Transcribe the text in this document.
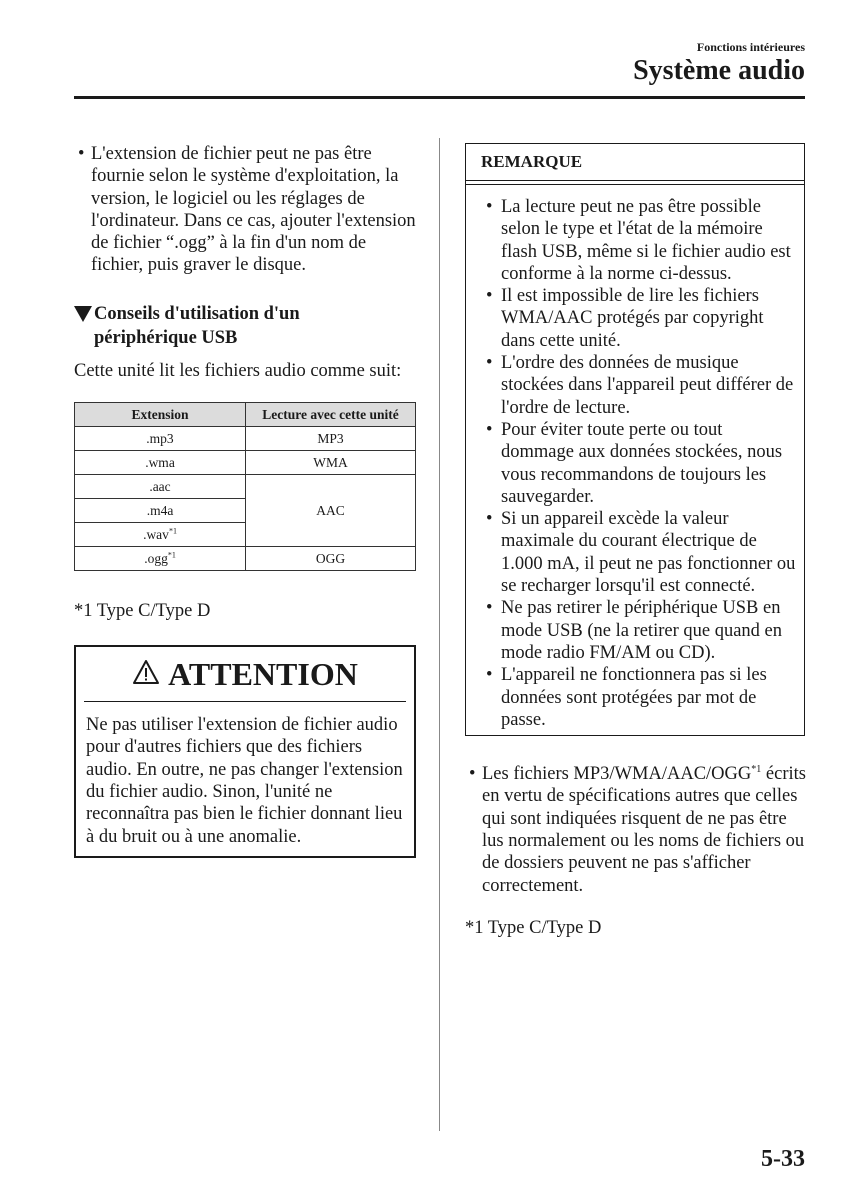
Fonctions intérieures
Système audio
• L'extension de fichier peut ne pas être fournie selon le système d'exploitation, la version, le logiciel ou les réglages de l'ordinateur. Dans ce cas, ajouter l'extension de fichier “.ogg” à la fin d'un nom de fichier, puis graver le disque.
Conseils d'utilisation d'un
périphérique USB
Cette unité lit les fichiers audio comme suit:
Extension	Lecture avec cette unité
.mp3	MP3
.wma	WMA
.aac	AAC
.m4a	
.wav$^{*1}$
.ogg$^{*1}$	OGG
*1 Type C/Type D
ATTENTION
Ne pas utiliser l'extension de fichier audio pour d'autres fichiers que des fichiers audio. En outre, ne pas changer l'extension du fichier audio. Sinon, l'unité ne reconnaîtra pas bien le fichier donnant lieu à du bruit ou à une anomalie.
REMARQUE
• La lecture peut ne pas être possible selon le type et l'état de la mémoire flash USB, même si le fichier audio est conforme à la norme ci-dessus.
• Il est impossible de lire les fichiers WMA/AAC protégés par copyright dans cette unité.
• L'ordre des données de musique stockées dans l'appareil peut différer de l'ordre de lecture.
• Pour éviter toute perte ou tout dommage aux données stockées, nous vous recommandons de toujours les sauvegarder.
• Si un appareil excède la valeur maximale du courant électrique de 1.000 mA, il peut ne pas fonctionner ou se recharger lorsqu'il est connecté.
• Ne pas retirer le périphérique USB en mode USB (ne la retirer que quand en mode radio FM/AM ou CD).
• L'appareil ne fonctionnera pas si les données sont protégées par mot de passe.
• Les fichiers MP3/WMA/AAC/OGG$^{*1}$ écrits en vertu de spécifications autres que celles qui sont indiquées risquent de ne pas être lus normalement ou les noms de fichiers ou de dossiers peuvent ne pas s'afficher correctement.
*1 Type C/Type D
5-33
